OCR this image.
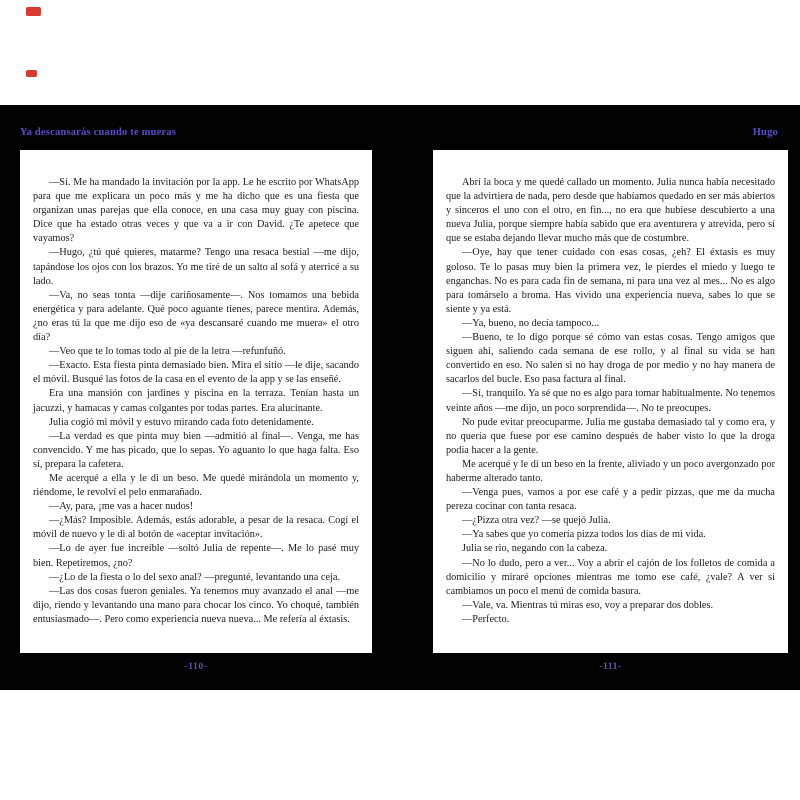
Ya descansarás cuando te mueras	Hugo

—Sí. Me ha mandado la invitación por la app. Le he escrito por WhatsApp para que me explicara un poco más y me ha dicho que es una fiesta que organizan unas parejas que ella conoce, en una casa muy guay con piscina. Dice que ha estado otras veces y que va a ir con David. ¿Te apetece que vayamos?

—Hugo, ¿tú qué quieres, matarme? Tengo una resaca bestial —me dijo, tapándose los ojos con los brazos. Yo me tiré de un salto al sofá y aterricé a su lado.

—Va, no seas tonta —dije cariñosamente—. Nos tomamos una bebida energética y para adelante. Qué poco aguante tienes, parece mentira. Además, ¿no eras tú la que me dijo eso de «ya descansaré cuando me muera» el otro día?

—Veo que te lo tomas todo al pie de la letra —refunfuñó.

—Exacto. Esta fiesta pinta demasiado bien. Mira el sitio —le dije, sacando el móvil. Busqué las fotos de la casa en el evento de la app y se las enseñé.

Era una mansión con jardines y piscina en la terraza. Tenían hasta un jacuzzi, y hamacas y camas colgantes por todas partes. Era alucinante.

Julia cogió mi móvil y estuvo mirando cada foto detenidamente.

—La verdad es que pinta muy bien —admitió al final—. Venga, me has convencido. Y me has picado, que lo sepas. Yo aguanto lo que haga falta. Eso sí, prepara la cafetera.

Me acerqué a ella y le di un beso. Me quedé mirándola un momento y, riéndome, le revolví el pelo enmarañado.

—Ay, para, ¡me vas a hacer nudos!

—¿Más? Imposible. Además, estás adorable, a pesar de la resaca. Cogí el móvil de nuevo y le di al botón de «aceptar invitación».

—Lo de ayer fue increíble —soltó Julia de repente—. Me lo pasé muy bien. Repetiremos, ¿no?

—¿Lo de la fiesta o lo del sexo anal? —pregunté, levantando una ceja.

—Las dos cosas fueron geniales. Ya tenemos muy avanzado el anal —me dijo, riendo y levantando una mano para chocar los cinco. Yo choqué, también entusiasmado—. Pero como experiencia nueva nueva... Me refería al éxtasis.

Abrí la boca y me quedé callado un momento. Julia nunca había necesitado que la advirtiera de nada, pero desde que habíamos quedado en ser más abiertos y sinceros el uno con el otro, en fin..., no era que hubiese descubierto a una nueva Julia, porque siempre había sabido que era aventurera y atrevida, pero sí que se estaba dejando llevar mucho más que de costumbre.

—Oye, hay que tener cuidado con esas cosas, ¿eh? El éxtasis es muy goloso. Te lo pasas muy bien la primera vez, le pierdes el miedo y luego te enganchas. No es para cada fin de semana, ni para una vez al mes... No es algo para tomárselo a broma. Has vivido una experiencia nueva, sabes lo que se siente y ya está.

—Ya, bueno, no decía tampoco...

—Bueno, te lo digo porque sé cómo van estas cosas. Tengo amigos que siguen ahí, saliendo cada semana de ese rollo, y al final su vida se han convertido en eso. No salen si no hay droga de por medio y no hay manera de sacarlos del bucle. Eso pasa factura al final.

—Sí, tranquilo. Ya sé que no es algo para tomar habitualmente. No tenemos veinte años —me dijo, un poco sorprendida—. No te preocupes.

No pude evitar preocuparme. Julia me gustaba demasiado tal y como era, y no quería que fuese por ese camino después de haber visto lo que la droga podía hacer a la gente.

Me acerqué y le di un beso en la frente, aliviado y un poco avergonzado por haberme alterado tanto.

—Venga pues, vamos a por ese café y a pedir pizzas, que me da mucha pereza cocinar con tanta resaca.

—¿Pizza otra vez? —se quejó Julia.

—Ya sabes que yo comería pizza todos los días de mi vida.

Julia se rio, negando con la cabeza.

—No lo dudo, pero a ver... Voy a abrir el cajón de los folletos de comida a domicilio y miraré opciones mientras me tomo ese café, ¿vale? A ver si cambiamos un poco el menú de comida basura.

—Vale, va. Mientras tú miras eso, voy a preparar dos dobles.

—Perfecto.

-110-	-111-
